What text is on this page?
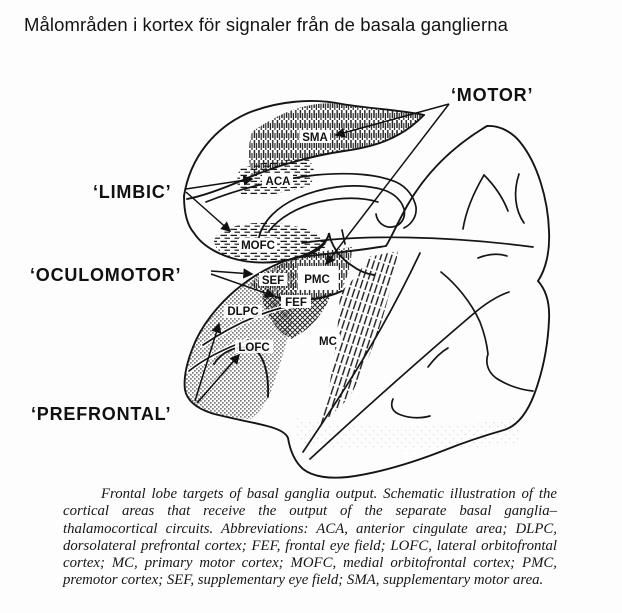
Målområden i kortex för signaler från de basala ganglierna
‘MOTOR’
‘LIMBIC’
‘OCULOMOTOR’
‘PREFRONTAL’
SMA
ACA
MOFC
SEF PMC
FEF
DLPC
LOFC	MC
Frontal lobe targets of basal ganglia output. Schematic illustration of the cortical areas that receive the output of the separate basal ganglia–thalamocortical circuits. Abbreviations: ACA, anterior cingulate area; DLPC, dorsolateral prefrontal cortex; FEF, frontal eye field; LOFC, lateral orbitofrontal cortex; MC, primary motor cortex; MOFC, medial orbitofrontal cortex; PMC, premotor cortex; SEF, supplementary eye field; SMA, supplementary motor area.
